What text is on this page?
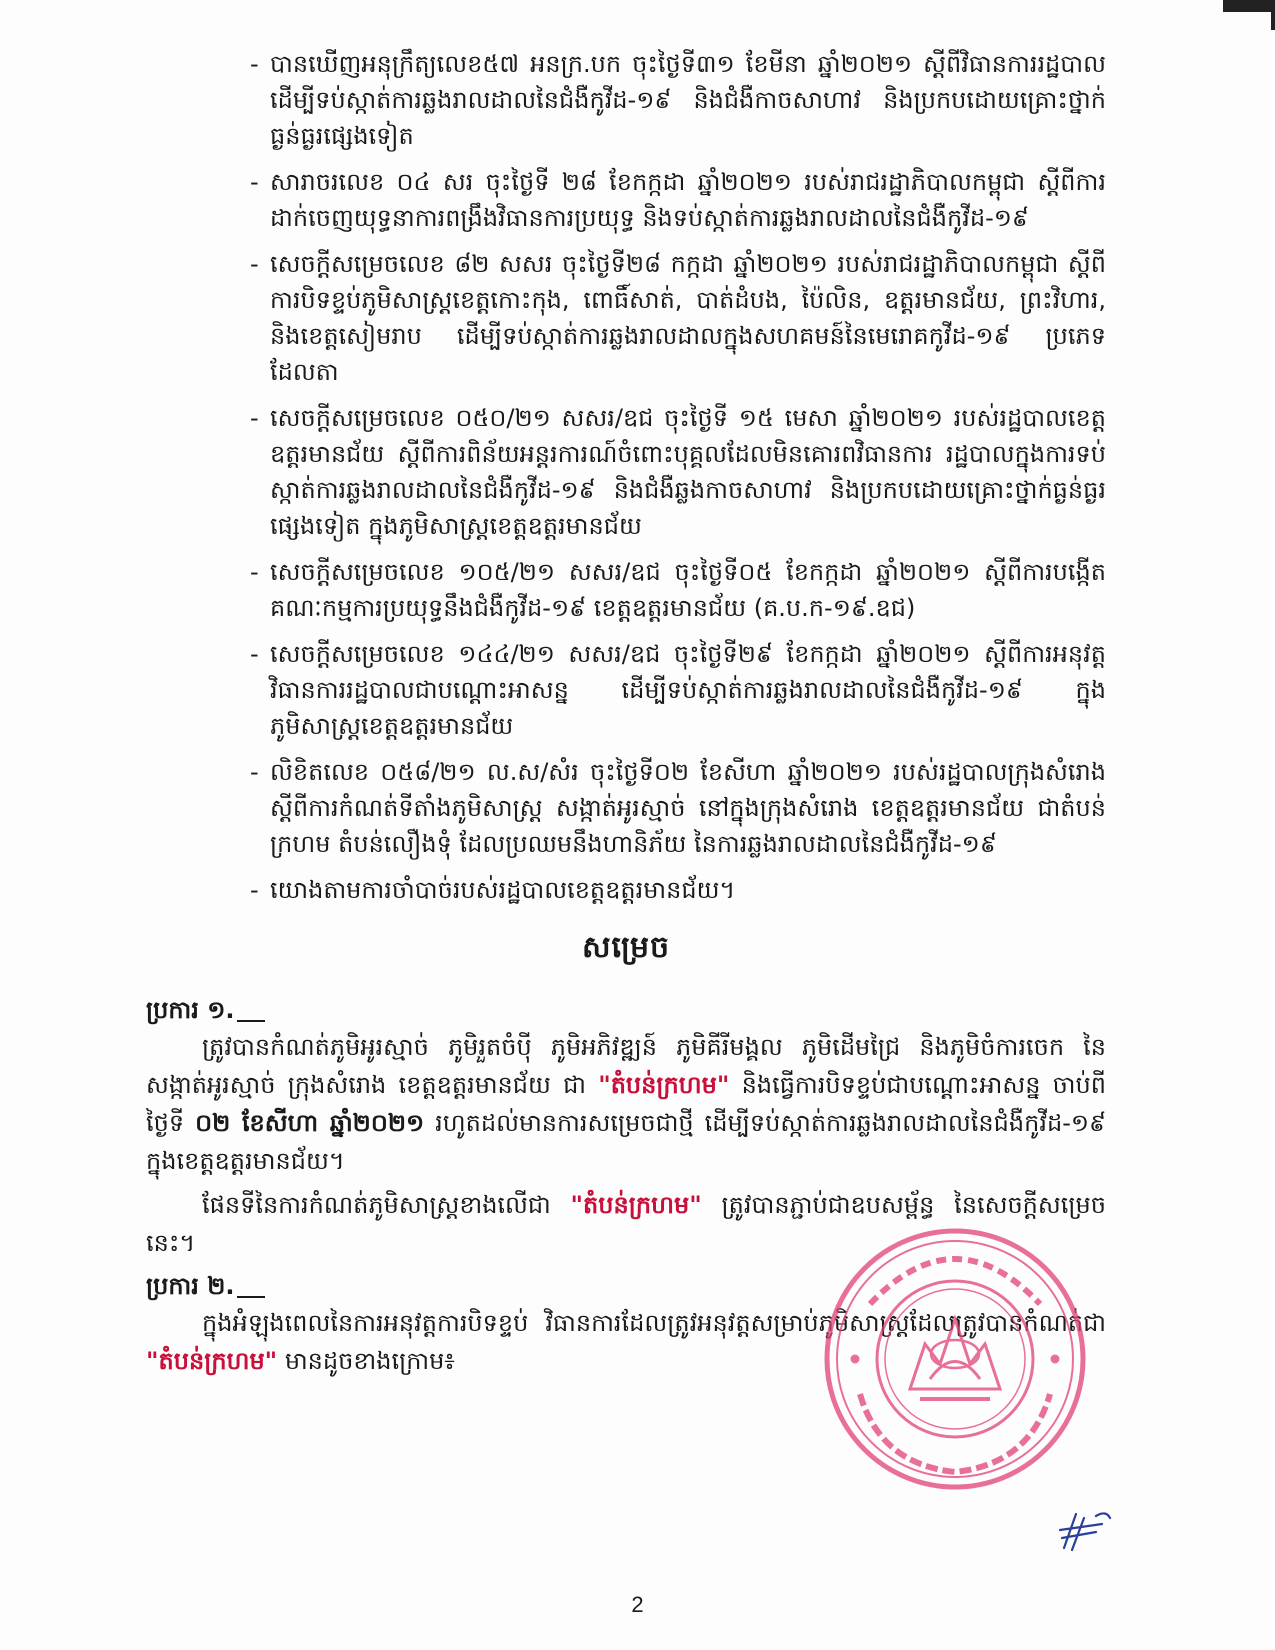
- បានឃើញអនុក្រឹត្យលេខ៥៧ អនក្រ.បក ចុះថ្ងៃទី៣១ ខែមីនា ឆ្នាំ២០២១ ស្តីពីវិធានការរដ្ឋបាល ដើម្បីទប់ស្កាត់ការឆ្លងរាលដាលនៃជំងឺកូវីដ-១៩ និងជំងឺកាចសាហាវ និងប្រកបដោយគ្រោះថ្នាក់ធ្ងន់ធ្ងរផ្សេងទៀត
- សារាចរលេខ ០៤ សរ ចុះថ្ងៃទី ២៨ ខែកក្កដា ឆ្នាំ២០២១ របស់រាជរដ្ឋាភិបាលកម្ពុជា ស្តីពីការដាក់ចេញយុទ្ធនាការពង្រឹងវិធានការប្រយុទ្ធ និងទប់ស្កាត់ការឆ្លងរាលដាលនៃជំងឺកូវីដ-១៩
- សេចក្តីសម្រេចលេខ ៨២ សសរ ចុះថ្ងៃទី២៨ កក្កដា ឆ្នាំ២០២១ របស់រាជរដ្ឋាភិបាលកម្ពុជា ស្តីពីការបិទខ្ទប់ភូមិសាស្ត្រខេត្តកោះកុង, ពោធិ៍សាត់, បាត់ដំបង, ប៉ៃលិន, ឧត្តរមានជ័យ, ព្រះវិហារ, និងខេត្តសៀមរាប ដើម្បីទប់ស្កាត់ការឆ្លងរាលដាលក្នុងសហគមន៍នៃមេរោគកូវីដ-១៩ ប្រភេទដែលតា
- សេចក្តីសម្រេចលេខ ០៥០/២១ សសរ/ឧជ ចុះថ្ងៃទី ១៥ មេសា ឆ្នាំ២០២១ របស់រដ្ឋបាលខេត្តឧត្តរមានជ័យ ស្តីពីការពិន័យអន្តរការណ៍ចំពោះបុគ្គលដែលមិនគោរពវិធានការ រដ្ឋបាលក្នុងការទប់ស្កាត់ការឆ្លងរាលដាលនៃជំងឺកូវីដ-១៩ និងជំងឺឆ្លងកាចសាហាវ និងប្រកបដោយគ្រោះថ្នាក់ធ្ងន់ធ្ងរផ្សេងទៀត ក្នុងភូមិសាស្ត្រខេត្តឧត្តរមានជ័យ
- សេចក្តីសម្រេចលេខ ១០៥/២១ សសរ/ឧជ ចុះថ្ងៃទី០៥ ខែកក្កដា ឆ្នាំ២០២១ ស្តីពីការបង្កើតគណៈកម្មការប្រយុទ្ធនឹងជំងឺកូវីដ-១៩ ខេត្តឧត្តរមានជ័យ (គ.ប.ក-១៩.ឧជ)
- សេចក្តីសម្រេចលេខ ១៤៤/២១ សសរ/ឧជ ចុះថ្ងៃទី២៩ ខែកក្កដា ឆ្នាំ២០២១ ស្តីពីការអនុវត្តវិធានការរដ្ឋបាលជាបណ្តោះអាសន្ន ដើម្បីទប់ស្កាត់ការឆ្លងរាលដាលនៃជំងឺកូវីដ-១៩ ក្នុងភូមិសាស្ត្រខេត្តឧត្តរមានជ័យ
- លិខិតលេខ ០៥៨/២១ ល.ស/សំរ ចុះថ្ងៃទី០២ ខែសីហា ឆ្នាំ២០២១ របស់រដ្ឋបាលក្រុងសំរោង ស្តីពីការកំណត់ទីតាំងភូមិសាស្ត្រ សង្កាត់អូរស្មាច់ នៅក្នុងក្រុងសំរោង ខេត្តឧត្តរមានជ័យ ជាតំបន់ក្រហម តំបន់លឿងទុំ ដែលប្រឈមនឹងហានិភ័យ នៃការឆ្លងរាលដាលនៃជំងឺកូវីដ-១៩
- យោងតាមការចាំបាច់របស់រដ្ឋបាលខេត្តឧត្តរមានជ័យ។
សម្រេច
ប្រការ ១.

ត្រូវបានកំណត់ភូមិអូរស្មាច់ ភូមិរួតចំប៉ី ភូមិអភិវឌ្ឍន៍ ភូមិគីរីមង្គល ភូមិដើមជ្រៃ និងភូមិចំការចេក នៃសង្កាត់អូរស្មាច់ ក្រុងសំរោង ខេត្តឧត្តរមានជ័យ ជា "តំបន់ក្រហម" និងធ្វើការបិទខ្ទប់ជាបណ្តោះអាសន្ន ចាប់ពីថ្ងៃទី ០២ ខែសីហា ឆ្នាំ២០២១ រហូតដល់មានការសម្រេចជាថ្មី ដើម្បីទប់ស្កាត់ការឆ្លងរាលដាលនៃជំងឺកូវីដ-១៩ ក្នុងខេត្តឧត្តរមានជ័យ។

ផែនទីនៃការកំណត់ភូមិសាស្ត្រខាងលើជា "តំបន់ក្រហម" ត្រូវបានភ្ជាប់ជាឧបសម្ព័ន្ធ នៃសេចក្តីសម្រេចនេះ។

ប្រការ ២.

ក្នុងអំឡុងពេលនៃការអនុវត្តការបិទខ្ទប់ វិធានការដែលត្រូវអនុវត្តសម្រាប់ភូមិសាស្ត្រដែលត្រូវបានកំណត់ជា "តំបន់ក្រហម" មានដូចខាងក្រោម៖

2
